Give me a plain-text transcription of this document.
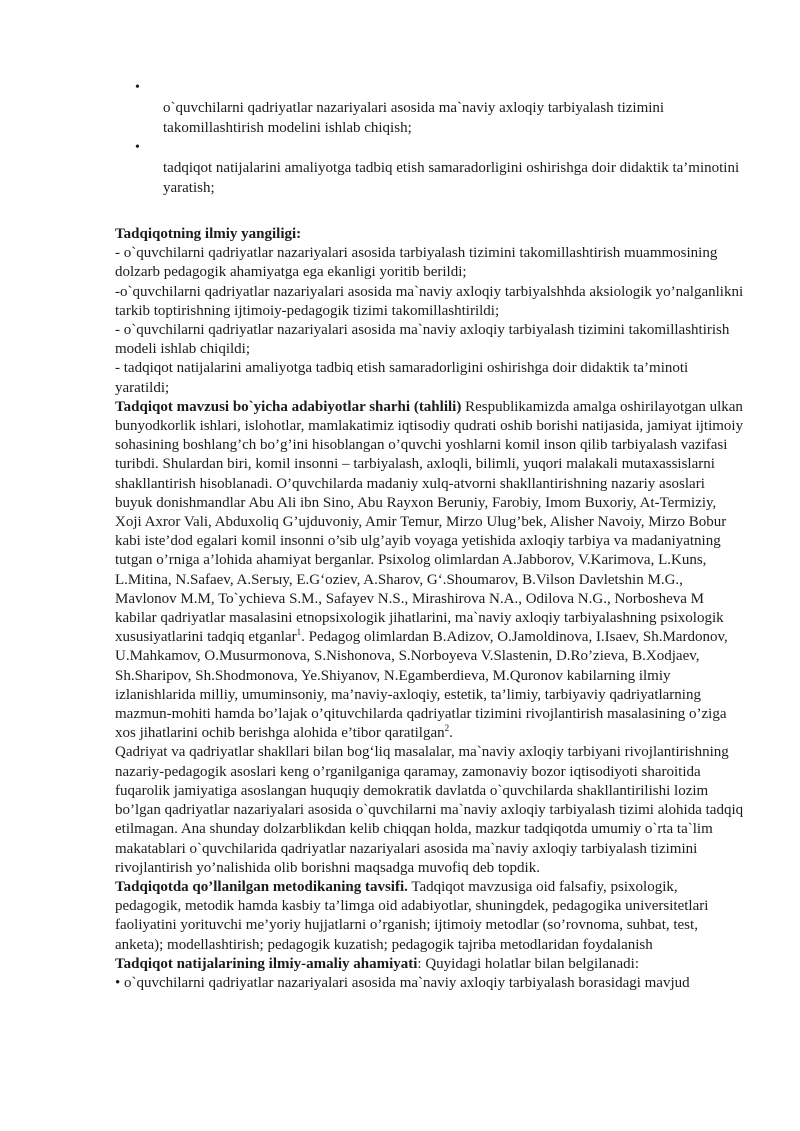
•
o`quvchilarni qadriyatlar nazariyalari asosida ma`naviy axloqiy tarbiyalash tizimini takomillashtirish modelini ishlab chiqish;
•
tadqiqot natijalarini amaliyotga tadbiq etish samaradorligini oshirishga doir didaktik ta’minotini yaratish;

Tadqiqotning ilmiy yangiligi:

- o`quvchilarni qadriyatlar nazariyalari asosida tarbiyalash tizimini takomillashtirish muammosining dolzarb pedagogik ahamiyatga ega ekanligi yoritib berildi;

-o`quvchilarni qadriyatlar nazariyalari asosida ma`naviy axloqiy tarbiyalshhda aksiologik yo’nalganlikni tarkib toptirishning ijtimoiy-pedagogik tizimi takomillashtirildi;

- o`quvchilarni qadriyatlar nazariyalari asosida ma`naviy axloqiy tarbiyalash tizimini takomillashtirish modeli ishlab chiqildi;

- tadqiqot natijalarini amaliyotga tadbiq etish samaradorligini oshirishga doir didaktik ta’minoti yaratildi;

Tadqiqot mavzusi bo`yicha adabiyotlar sharhi (tahlili) Respublikamizda amalga oshirilayotgan ulkan bunyodkorlik ishlari, islohotlar, mamlakatimiz iqtisodiy qudrati oshib borishi natijasida, jamiyat ijtimoiy sohasining boshlang’ch bo’g’ini hisoblangan o’quvchi yoshlarni komil inson qilib tarbiyalash vazifasi turibdi. Shulardan biri, komil insonni – tarbiyalash, axloqli, bilimli, yuqori malakali mutaxassislarni shakllantirish hisoblanadi. O’quvchilarda madaniy xulq-atvorni shakllantirishning nazariy asoslari buyuk donishmandlar Abu Ali ibn Sino, Abu Rayxon Beruniy, Farobiy, Imom Buxoriy, At-Termiziy, Xoji Axror Vali, Abduxoliq G’ujduvoniy, Amir Temur, Mirzo Ulug’bek, Alisher Navoiy, Mirzo Bobur kabi iste’dod egalari komil insonni o’sib ulg’ayib voyaga yetishida axloqiy tarbiya va madaniyatning tutgan o’rniga a’lohida ahamiyat berganlar. Psixolog olimlardan A.Jabborov, V.Karimova, L.Kuns, L.Mitina, N.Safaev, A.Seгыy, E.G‘oziev, A.Sharov, G‘.Shoumarov, B.Vilson Davletshin M.G., Mavlonov M.M, To`ychieva S.M., Safayev N.S., Mirashirova N.A., Odilova N.G., Norbosheva M kabilar qadriyatlar masalasini etnopsixologik jihatlarini, ma`naviy axloqiy tarbiyalashning psixologik xususiyatlarini tadqiq etganlar$^1$. Pedagog olimlardan B.Adizov, O.Jamoldinova, I.Isaev, Sh.Mardonov, U.Mahkamov, O.Musurmonova, S.Nishonova, S.Norboyeva V.Slastenin, D.Ro’zieva, B.Xodjaev, Sh.Sharipov, Sh.Shodmonova, Ye.Shiyanov, N.Egamberdieva, M.Quronov kabilarning ilmiy izlanishlarida milliy, umuminsoniy, ma’naviy-axloqiy, estetik, ta’limiy, tarbiyaviy qadriyatlarning mazmun-mohiti hamda bo’lajak o’qituvchilarda qadriyatlar tizimini rivojlantirish masalasining o’ziga xos jihatlarini ochib berishga alohida e’tibor qaratilgan$^2$.

Qadriyat va qadriyatlar shakllari bilan bog‘liq masalalar, ma`naviy axloqiy tarbiyani rivojlantirishning nazariy-pedagogik asoslari keng o’rganilganiga qaramay, zamonaviy bozor iqtisodiyoti sharoitida fuqarolik jamiyatiga asoslangan huquqiy demokratik davlatda o`quvchilarda shakllantirilishi lozim bo’lgan qadriyatlar nazariyalari asosida o`quvchilarni ma`naviy axloqiy tarbiyalash tizimi alohida tadqiq etilmagan. Ana shunday dolzarblikdan kelib chiqqan holda, mazkur tadqiqotda umumiy o`rta ta`lim makatablari o`quvchilarida qadriyatlar nazariyalari asosida ma`naviy axloqiy tarbiyalash tizimini rivojlantirish yo’nalishida olib borishni maqsadga muvofiq deb topdik.

Tadqiqotda qo’llanilgan metodikaning tavsifi. Tadqiqot mavzusiga oid falsafiy, psixologik, pedagogik, metodik hamda kasbiy ta’limga oid adabiyotlar, shuningdek, pedagogika universitetlari faoliyatini yorituvchi me’yoriy hujjatlarni o’rganish; ijtimoiy metodlar (so’rovnoma, suhbat, test, anketa); modellashtirish; pedagogik kuzatish; pedagogik tajriba metodlaridan foydalanish

Tadqiqot natijalarining ilmiy-amaliy ahamiyati: Quyidagi holatlar bilan belgilanadi:

• o`quvchilarni qadriyatlar nazariyalari asosida ma`naviy axloqiy tarbiyalash borasidagi mavjud
